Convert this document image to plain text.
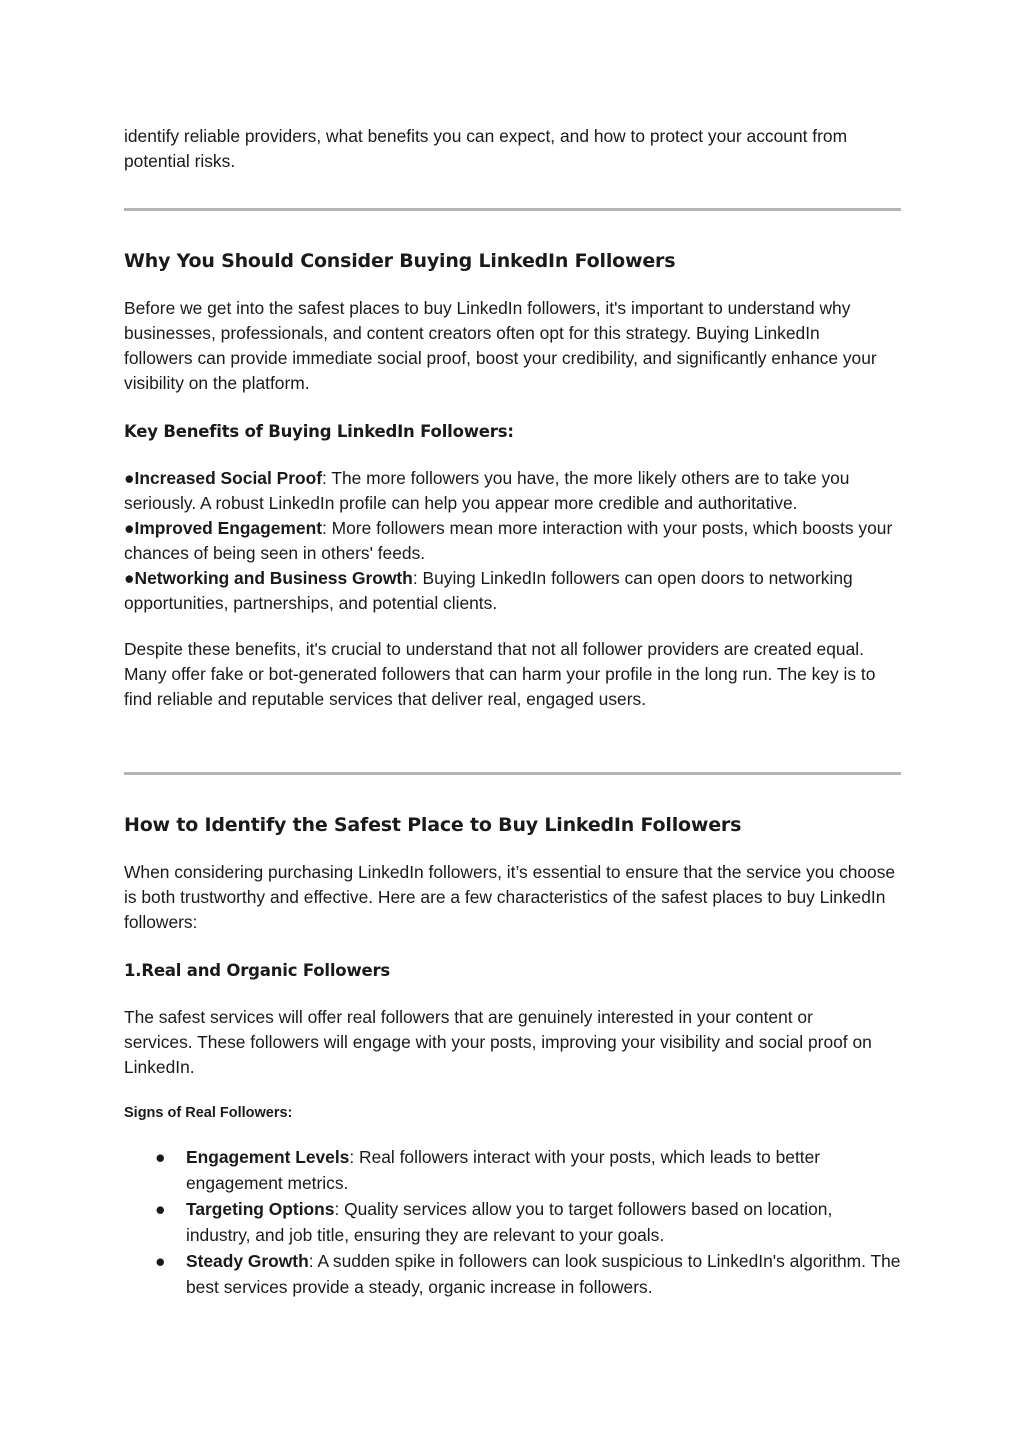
identify reliable providers, what benefits you can expect, and how to protect your account from potential risks.

Why You Should Consider Buying LinkedIn Followers

Before we get into the safest places to buy LinkedIn followers, it's important to understand why businesses, professionals, and content creators often opt for this strategy. Buying LinkedIn followers can provide immediate social proof, boost your credibility, and significantly enhance your visibility on the platform.

Key Benefits of Buying LinkedIn Followers:

●Increased Social Proof: The more followers you have, the more likely others are to take you seriously. A robust LinkedIn profile can help you appear more credible and authoritative.

●Improved Engagement: More followers mean more interaction with your posts, which boosts your chances of being seen in others' feeds.

●Networking and Business Growth: Buying LinkedIn followers can open doors to networking opportunities, partnerships, and potential clients.

Despite these benefits, it's crucial to understand that not all follower providers are created equal. Many offer fake or bot-generated followers that can harm your profile in the long run. The key is to find reliable and reputable services that deliver real, engaged users.

How to Identify the Safest Place to Buy LinkedIn Followers

When considering purchasing LinkedIn followers, it’s essential to ensure that the service you choose is both trustworthy and effective. Here are a few characteristics of the safest places to buy LinkedIn followers:

1.Real and Organic Followers

The safest services will offer real followers that are genuinely interested in your content or services. These followers will engage with your posts, improving your visibility and social proof on LinkedIn.

Signs of Real Followers:
● Engagement Levels: Real followers interact with your posts, which leads to better engagement metrics.
● Targeting Options: Quality services allow you to target followers based on location, industry, and job title, ensuring they are relevant to your goals.
● Steady Growth: A sudden spike in followers can look suspicious to LinkedIn's algorithm. The best services provide a steady, organic increase in followers.
